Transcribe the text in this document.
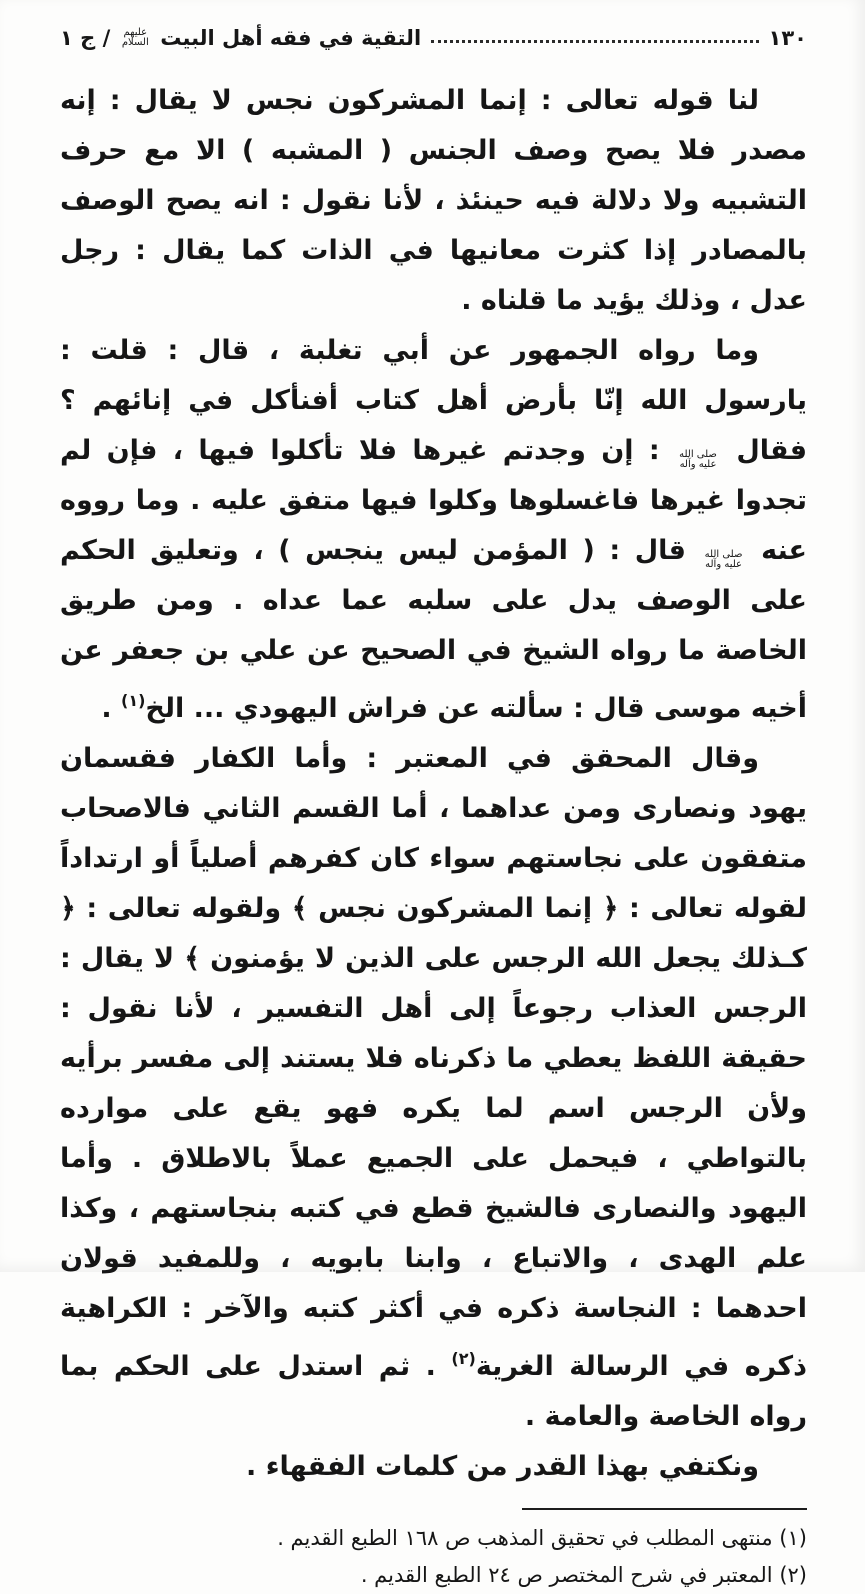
١٣٠
التقية في فقه أهل البيت
عليهم السلام
/ ج ١

لنا قوله تعالى : إنما المشركون نجس لا يقال : إنه مصدر فلا يصح وصف الجنس ( المشبه ) الا مع حرف التشبيه ولا دلالة فيه حينئذ ، لأنا نقول : انه يصح الوصف بالمصادر إذا كثرت معانيها في الذات كما يقال : رجل عدل ، وذلك يؤيد ما قلناه .

وما رواه الجمهور عن أبي تغلبة ، قال : قلت : يارسول الله إنّا بأرض أهل كتاب أفنأكل في إنائهم ؟ فقال صلى الله عليه وآله : إن وجدتم غيرها فلا تأكلوا فيها ، فإن لم تجدوا غيرها فاغسلوها وكلوا فيها متفق عليه . وما رووه عنه صلى الله عليه وآله قال : ( المؤمن ليس ينجس ) ، وتعليق الحكم على الوصف يدل على سلبه عما عداه . ومن طريق الخاصة ما رواه الشيخ في الصحيح عن علي بن جعفر عن أخيه موسى قال : سألته عن فراش اليهودي ... الخ$^{(١)}$ .

وقال المحقق في المعتبر : وأما الكفار فقسمان يهود ونصارى ومن عداهما ، أما القسم الثاني فالاصحاب متفقون على نجاستهم سواء كان كفرهم أصلياً أو ارتداداً لقوله تعالى : ﴿ إنما المشركون نجس ﴾ ولقوله تعالى : ﴿ كـذلك يجعل الله الرجس على الذين لا يؤمنون ﴾ لا يقال : الرجس العذاب رجوعاً إلى أهل التفسير ، لأنا نقول : حقيقة اللفظ يعطي ما ذكرناه فلا يستند إلى مفسر برأيه ولأن الرجس اسم لما يكره فهو يقع على موارده بالتواطي ، فيحمل على الجميع عملاً بالاطلاق . وأما اليهود والنصارى فالشيخ قطع في كتبه بنجاستهم ، وكذا علم الهدى ، والاتباع ، وابنا بابويه ، وللمفيد قولان احدهما : النجاسة ذكره في أكثر كتبه والآخر : الكراهية ذكره في الرسالة الغرية$^{(٢)}$ . ثم استدل على الحكم بما رواه الخاصة والعامة .

ونكتفي بهذا القدر من كلمات الفقهاء .

(١) منتهى المطلب في تحقيق المذهب ص ١٦٨ الطبع القديم .
(٢) المعتبر في شرح المختصر ص ٢٤ الطبع القديم .
